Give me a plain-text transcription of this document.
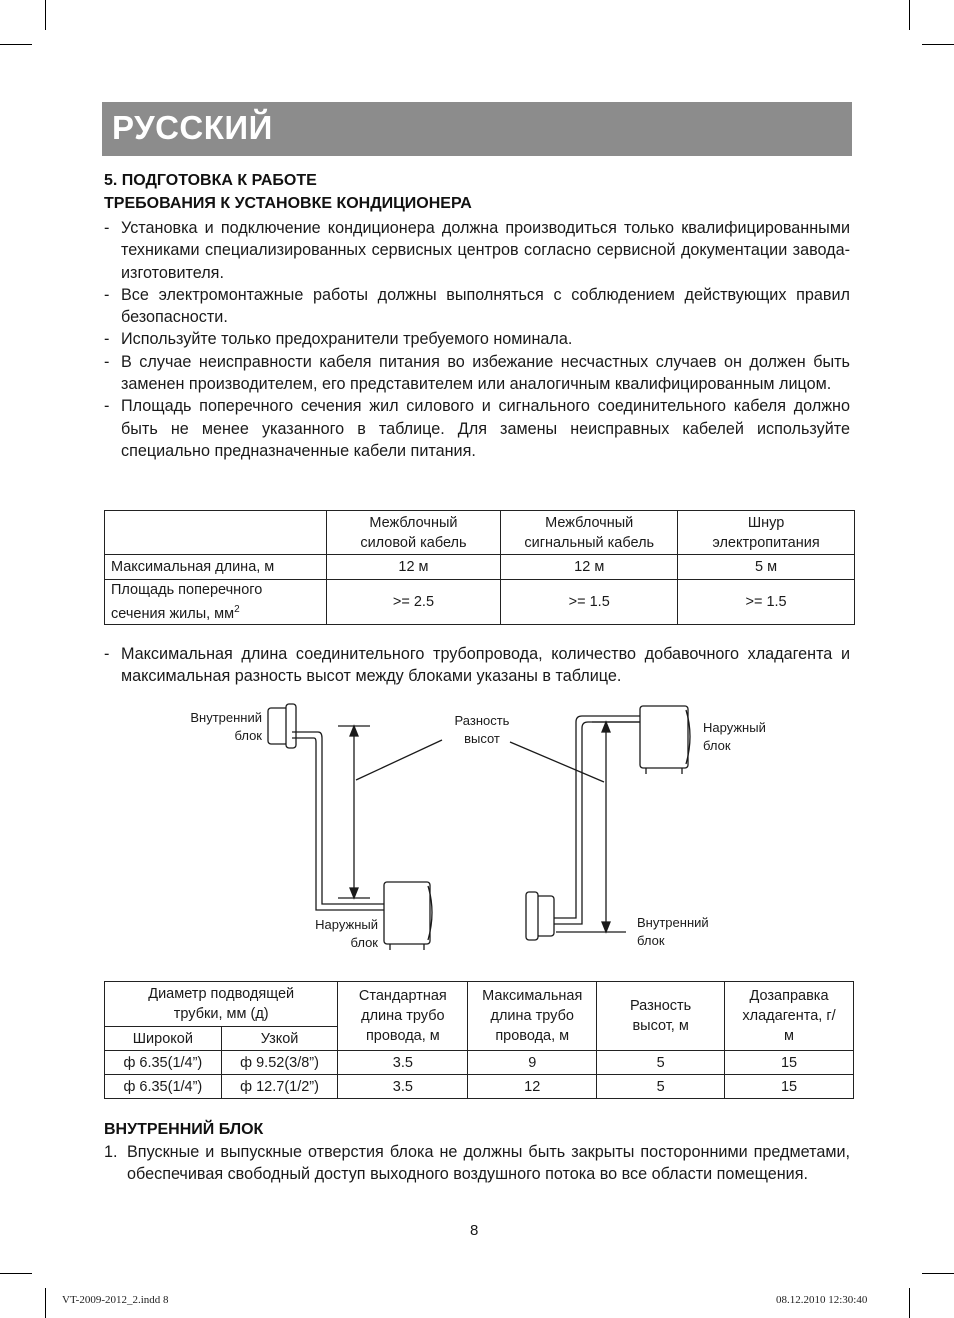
РУССКИЙ
5. ПОДГОТОВКА К РАБОТЕ
ТРЕБОВАНИЯ К УСТАНОВКЕ КОНДИЦИОНЕРА
- Установка и подключение кондиционера должна производиться только квалифицированными техниками специализированных сервисных центров согласно сервисной документации завода-изготовителя.
- Все электромонтажные работы должны выполняться с соблюдением действующих правил безопасности.
- Используйте только предохранители требуемого номинала.
- В случае неисправности кабеля питания во избежание несчастных случаев он должен быть заменен производителем, его представителем или аналогичным квалифицированным лицом.
- Площадь поперечного сечения жил силового и сигнального соединительного кабеля должно быть не менее указанного в таблице. Для замены неисправных кабелей используйте специально предназначенные кабели питания.
	Межблочный силовой кабель	Межблочный сигнальный кабель	Шнур электропитания
Максимальная длина, м	12 м	12 м	5 м
Площадь поперечного сечения жилы, $мм^2$	>= 2.5	>= 1.5	>= 1.5
- Максимальная длина соединительного трубопровода, количество добавочного хладагента и максимальная разность высот между блоками указаны в таблице.
Внутренний блок
Наружный блок
Разность высот
Наружный блок
Внутренний блок
Диаметр подводящей трубки, мм (д)		Стандартная длина трубо провода, м	Максимальная длина трубо провода, м	Разность высот, м	Дозаправка хладагента, г/м
Широкой	Узкой				
ф 6.35(1/4”)	ф 9.52(3/8”)	3.5	9	5	15
ф 6.35(1/4”)	ф 12.7(1/2”)	3.5	12	5	15
ВНУТРЕННИЙ БЛОК
1. Впускные и выпускные отверстия блока не должны быть закрыты посторонними предметами, обеспечивая свободный доступ выходного воздушного потока во все области помещения.
8
VT-2009-2012_2.indd 8	08.12.2010 12:30:40
